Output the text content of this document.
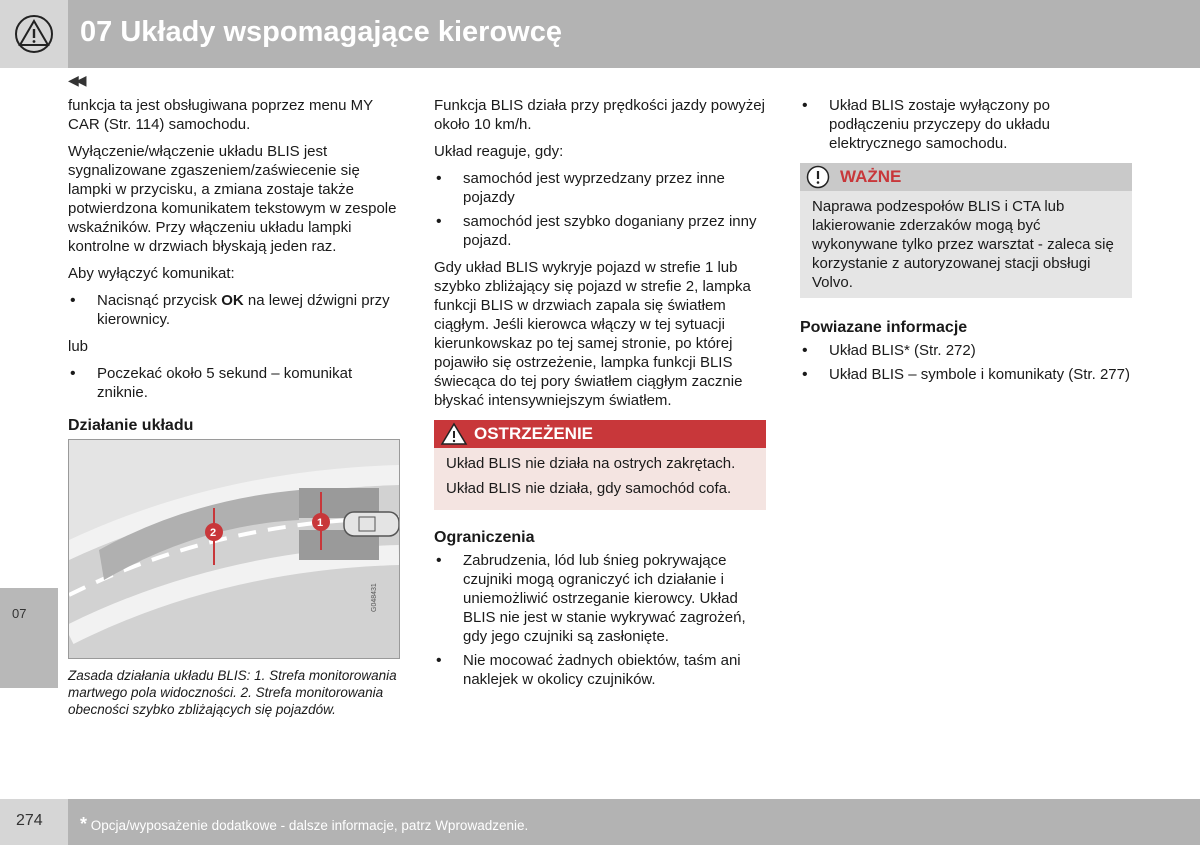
07 Układy wspomagające kierowcę
◀◀
07

funkcja ta jest obsługiwana poprzez menu MY CAR (Str. 114) samochodu.

Wyłączenie/włączenie układu BLIS jest sygnalizowane zgaszeniem/zaświecenie się lampki w przycisku, a zmiana zostaje także potwierdzona komunikatem tekstowym w zespole wskaźników. Przy włączeniu układu lampki kontrolne w drzwiach błyskają jeden raz.

Aby wyłączyć komunikat:

• Nacisnąć przycisk OK na lewej dźwigni przy kierownicy.

lub

• Poczekać około 5 sekund – komunikat zniknie.
Działanie układu
2
1
G048431
Zasada działania układu BLIS: 1. Strefa monitorowania martwego pola widoczności. 2. Strefa monitorowania obecności szybko zbliżających się pojazdów.

Funkcja BLIS działa przy prędkości jazdy powyżej około 10 km/h.

Układ reaguje, gdy:

• samochód jest wyprzedzany przez inne pojazdy
• samochód jest szybko doganiany przez inny pojazd.

Gdy układ BLIS wykryje pojazd w strefie 1 lub szybko zbliżający się pojazd w strefie 2, lampka funkcji BLIS w drzwiach zapala się światłem ciągłym. Jeśli kierowca włączy w tej sytuacji kierunkowskaz po tej samej stronie, po której pojawiło się ostrzeżenie, lampka funkcji BLIS świecąca do tej pory światłem ciągłym zacznie błyskać intensywniejszym światłem.

OSTRZEŻENIE

Układ BLIS nie działa na ostrych zakrętach.

Układ BLIS nie działa, gdy samochód cofa.

Ograniczenia
• Zabrudzenia, lód lub śnieg pokrywające czujniki mogą ograniczyć ich działanie i uniemożliwić ostrzeganie kierowcy. Układ BLIS nie jest w stanie wykrywać zagrożeń, gdy jego czujniki są zasłonięte.
• Nie mocować żadnych obiektów, taśm ani naklejek w okolicy czujników.
• Układ BLIS zostaje wyłączony po podłączeniu przyczepy do układu elektrycznego samochodu.
WAŻNE
Naprawa podzespołów BLIS i CTA lub lakierowanie zderzaków mogą być wykonywane tylko przez warsztat - zaleca się korzystanie z autoryzowanej stacji obsługi Volvo.
Powiazane informacje
• Układ BLIS* (Str. 272)
• Układ BLIS – symbole i komunikaty (Str. 277)
274 * Opcja/wyposażenie dodatkowe - dalsze informacje, patrz Wprowadzenie.
